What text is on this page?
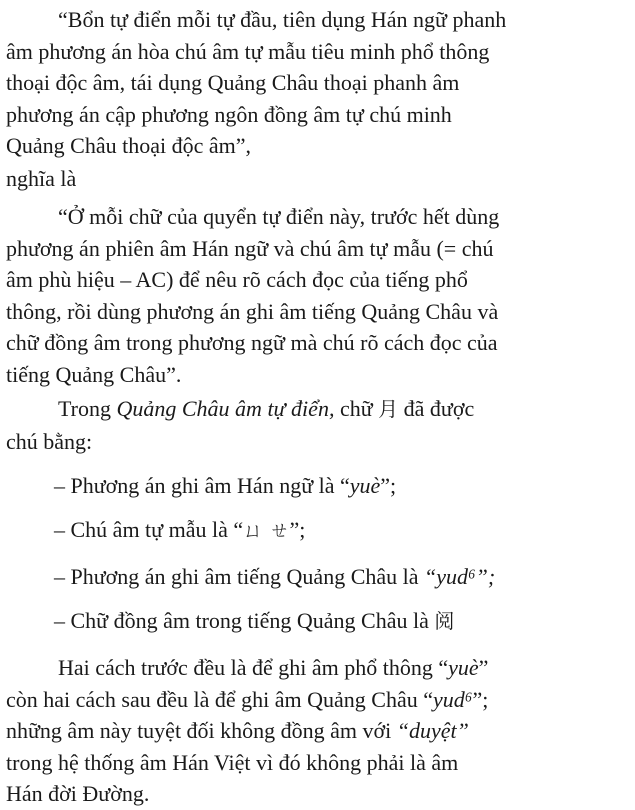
“Bổn tự điển mỗi tự đầu, tiên dụng Hán ngữ phanh

âm phương án hòa chú âm tự mẫu tiêu minh phổ thông

thoại độc âm, tái dụng Quảng Châu thoại phanh âm

phương án cập phương ngôn đồng âm tự chú minh

Quảng Châu thoại độc âm”,

nghĩa là

“Ở mỗi chữ của quyển tự điển này, trước hết dùng

phương án phiên âm Hán ngữ và chú âm tự mẫu (= chú

âm phù hiệu – AC) để nêu rõ cách đọc của tiếng phổ

thông, rồi dùng phương án ghi âm tiếng Quảng Châu và

chữ đồng âm trong phương ngữ mà chú rõ cách đọc của

tiếng Quảng Châu”.

Trong Quảng Châu âm tự điển, chữ 月 đã được

chú bằng:

– Phương án ghi âm Hán ngữ là “yuè”;

– Chú âm tự mẫu là “ㄩ ㄝ”;

– Phương án ghi âm tiếng Quảng Châu là “yud⁶”;

– Chữ đồng âm trong tiếng Quảng Châu là 阅

Hai cách trước đều là để ghi âm phổ thông “yuè”

còn hai cách sau đều là để ghi âm Quảng Châu “yud⁶”;

những âm này tuyệt đối không đồng âm với “duyệt”

trong hệ thống âm Hán Việt vì đó không phải là âm

Hán đời Đường.
